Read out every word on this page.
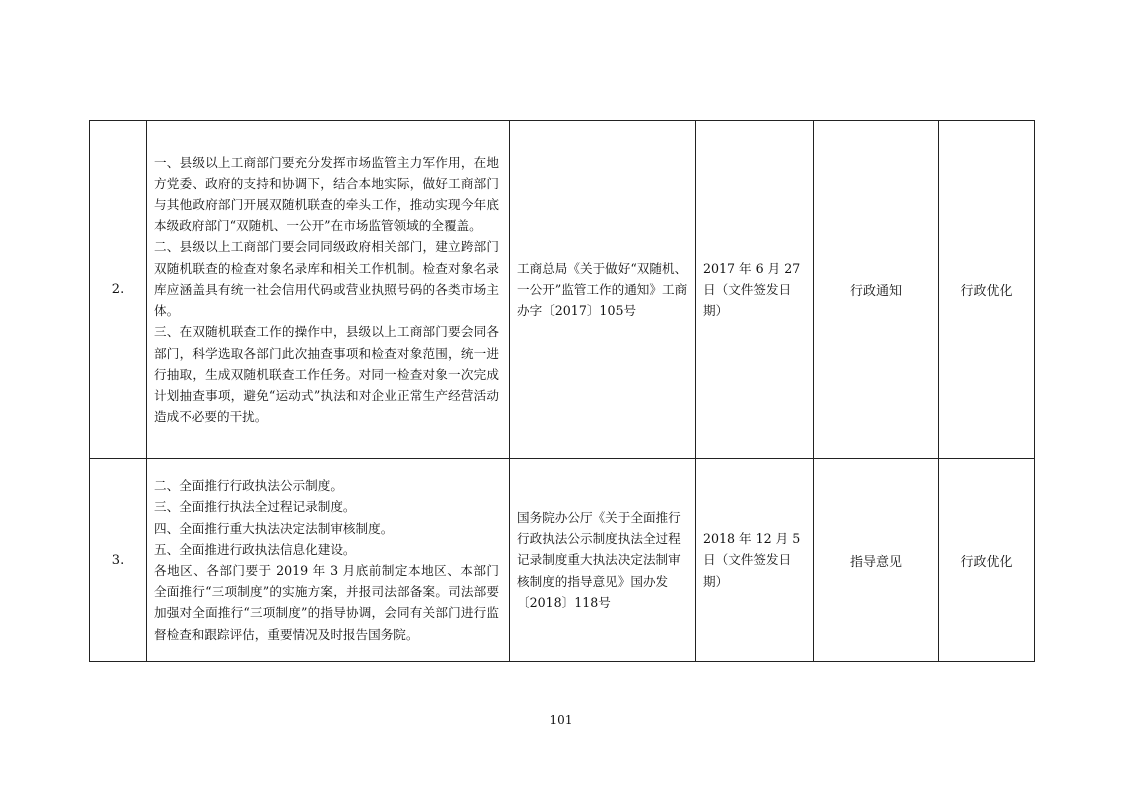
2.	一、县级以上工商部门要充分发挥市场监管主力军作用，在地方党委、政府的支持和协调下，结合本地实际，做好工商部门与其他政府部门开展双随机联查的牵头工作，推动实现今年底本级政府部门“双随机、一公开”在市场监管领域的全覆盖。

二、县级以上工商部门要会同同级政府相关部门，建立跨部门双随机联查的检查对象名录库和相关工作机制。检查对象名录库应涵盖具有统一社会信用代码或营业执照号码的各类市场主体。

三、在双随机联查工作的操作中，县级以上工商部门要会同各部门，科学选取各部门此次抽查事项和检查对象范围，统一进行抽取，生成双随机联查工作任务。对同一检查对象一次完成计划抽查事项，避免“运动式”执法和对企业正常生产经营活动造成不必要的干扰。	工商总局《关于做好“双随机、一公开”监管工作的通知》工商办字〔2017〕105号	2017 年 6 月 27 日（文件签发日期）	行政通知	行政优化
3.	二、全面推行行政执法公示制度。

三、全面推行执法全过程记录制度。

四、全面推行重大执法决定法制审核制度。

五、全面推进行政执法信息化建设。

各地区、各部门要于 2019 年 3 月底前制定本地区、本部门全面推行“三项制度”的实施方案，并报司法部备案。司法部要加强对全面推行“三项制度”的指导协调，会同有关部门进行监督检查和跟踪评估，重要情况及时报告国务院。	国务院办公厅《关于全面推行行政执法公示制度执法全过程记录制度重大执法决定法制审核制度的指导意见》国办发〔2018〕118号	2018 年 12 月 5 日（文件签发日期）	指导意见	行政优化
101
